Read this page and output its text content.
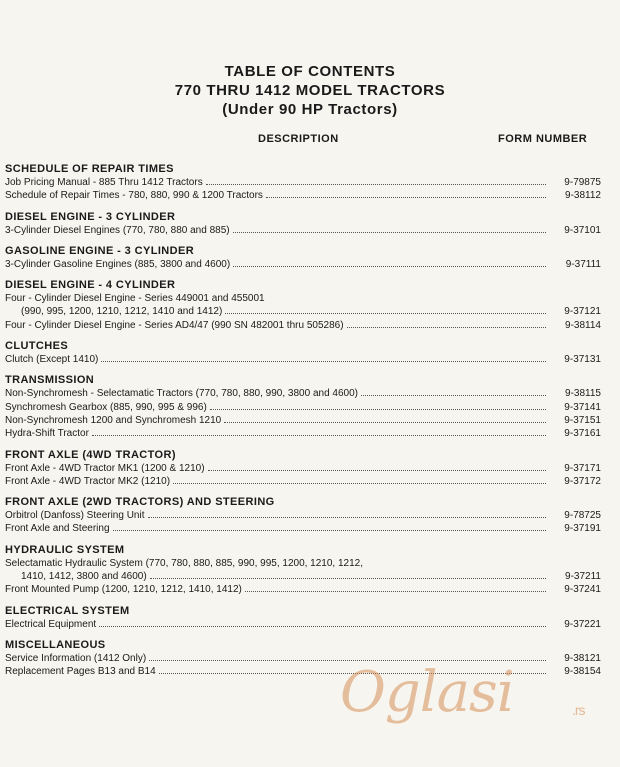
TABLE OF CONTENTS
770 THRU 1412 MODEL TRACTORS
(Under 90 HP Tractors)
DESCRIPTION	FORM NUMBER
SCHEDULE OF REPAIR TIMES
Job Pricing Manual - 885 Thru 1412 Tractors	9-79875
Schedule of Repair Times - 780, 880, 990 & 1200 Tractors	9-38112
DIESEL ENGINE - 3 CYLINDER
3-Cylinder Diesel Engines (770, 780, 880 and 885)	9-37101
GASOLINE ENGINE - 3 CYLINDER
3-Cylinder Gasoline Engines (885, 3800 and 4600)	9-37111
DIESEL ENGINE - 4 CYLINDER
Four - Cylinder Diesel Engine - Series 449001 and 455001
(990, 995, 1200, 1210, 1212, 1410 and 1412)	9-37121
Four - Cylinder Diesel Engine - Series AD4/47 (990 SN 482001 thru 505286)	9-38114
CLUTCHES
Clutch (Except 1410)	9-37131
TRANSMISSION
Non-Synchromesh - Selectamatic Tractors (770, 780, 880, 990, 3800 and 4600)	9-38115
Synchromesh Gearbox (885, 990, 995 & 996)	9-37141
Non-Synchromesh 1200 and Synchromesh 1210	9-37151
Hydra-Shift Tractor	9-37161
FRONT AXLE (4WD TRACTOR)
Front Axle - 4WD Tractor MK1 (1200 & 1210)	9-37171
Front Axle - 4WD Tractor MK2 (1210)	9-37172
FRONT AXLE (2WD TRACTORS) AND STEERING
Orbitrol (Danfoss) Steering Unit	9-78725
Front Axle and Steering	9-37191
HYDRAULIC SYSTEM
Selectamatic Hydraulic System (770, 780, 880, 885, 990, 995, 1200, 1210, 1212,
1410, 1412, 3800 and 4600)	9-37211
Front Mounted Pump (1200, 1210, 1212, 1410, 1412)	9-37241
ELECTRICAL SYSTEM
Electrical Equipment	9-37221
MISCELLANEOUS
Service Information (1412 Only)	9-38121
Replacement Pages B13 and B14	9-38154
Oglasi	.rs
